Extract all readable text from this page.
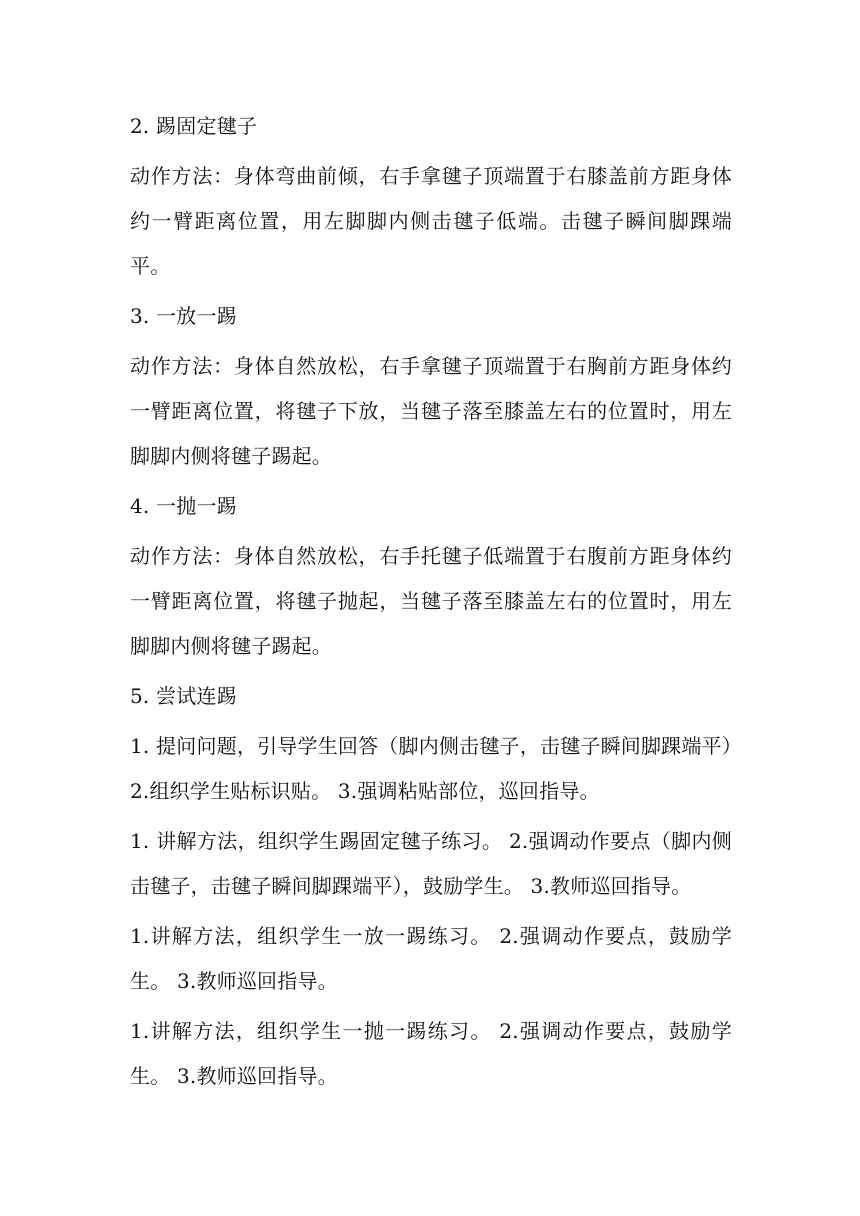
2. 踢固定毽子

动作方法：身体弯曲前倾，右手拿毽子顶端置于右膝盖前方距身体约一臂距离位置，用左脚脚内侧击毽子低端。击毽子瞬间脚踝端平。

3. 一放一踢

动作方法：身体自然放松，右手拿毽子顶端置于右胸前方距身体约一臂距离位置，将毽子下放，当毽子落至膝盖左右的位置时，用左脚脚内侧将毽子踢起。

4. 一抛一踢

动作方法：身体自然放松，右手托毽子低端置于右腹前方距身体约一臂距离位置，将毽子抛起，当毽子落至膝盖左右的位置时，用左脚脚内侧将毽子踢起。

5. 尝试连踢

1. 提问问题，引导学生回答（脚内侧击毽子，击毽子瞬间脚踝端平）2.组织学生贴标识贴。 3.强调粘贴部位，巡回指导。

1. 讲解方法，组织学生踢固定毽子练习。 2.强调动作要点（脚内侧击毽子，击毽子瞬间脚踝端平），鼓励学生。 3.教师巡回指导。

1.讲解方法，组织学生一放一踢练习。 2.强调动作要点，鼓励学生。 3.教师巡回指导。

1.讲解方法，组织学生一抛一踢练习。 2.强调动作要点，鼓励学生。 3.教师巡回指导。
